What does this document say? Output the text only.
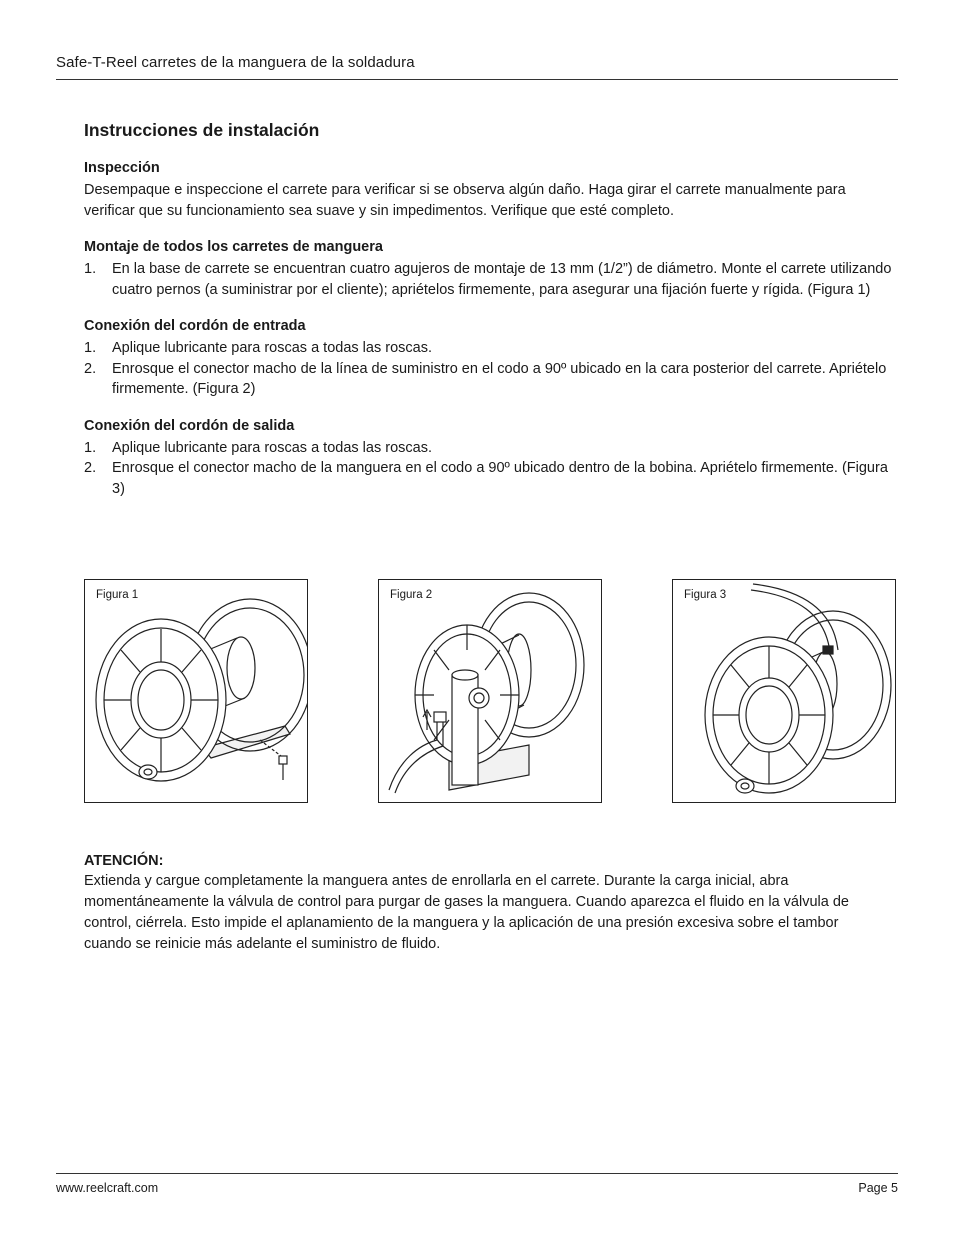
Safe-T-Reel carretes de la manguera de la soldadura
Instrucciones de instalación
Inspección

Desempaque e inspeccione el carrete para verificar si se observa algún daño. Haga girar el carrete manualmente para verificar que su funcionamiento sea suave y sin impedimentos. Verifique que esté completo.

Montaje de todos los carretes de manguera
1. En la base de carrete se encuentran cuatro agujeros de montaje de 13 mm (1/2”) de diámetro. Monte el carrete utilizando cuatro pernos (a suministrar por el cliente); apriételos firmemente, para asegurar una fijación fuerte y rígida. (Figura 1)
Conexión del cordón de entrada
1. Aplique lubricante para roscas a todas las roscas.
2. Enrosque el conector macho de la línea de suministro en el codo a 90º ubicado en la cara posterior del carrete. Apriételo firmemente. (Figura 2)
Conexión del cordón de salida
1. Aplique lubricante para roscas a todas las roscas.
2. Enrosque el conector macho de la manguera en el codo a 90º ubicado dentro de la bobina. Apriételo firmemente. (Figura 3)
Figura 1	Figura 2	Figura 3
ATENCIÓN:

Extienda y cargue completamente la manguera antes de enrollarla en el carrete. Durante la carga inicial, abra momentáneamente la válvula de control para purgar de gases la manguera. Cuando aparezca el fluido en la válvula de control, ciérrela. Esto impide el aplanamiento de la manguera y la aplicación de una presión excesiva sobre el tambor cuando se reinicie más adelante el suministro de fluido.

www.reelcraft.com	Page 5
